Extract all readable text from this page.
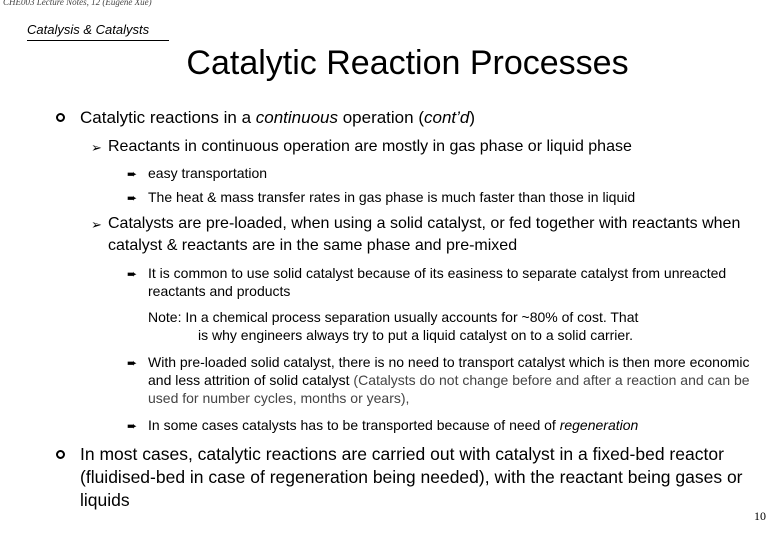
CHE003 Lecture Notes, 12 (Eugene Xue)
Catalysis & Catalysts
Catalytic Reaction Processes
Catalytic reactions in a continuous operation (cont’d)
➢ Reactants in continuous operation are mostly in gas phase or liquid phase
➨ easy transportation
➨ The heat & mass transfer rates in gas phase is much faster than those in liquid
➢ Catalysts are pre-loaded, when using a solid catalyst, or fed together with reactants when catalyst & reactants are in the same phase and pre-mixed
➨ It is common to use solid catalyst because of its easiness to separate catalyst from unreacted reactants and products
Note: In a chemical process separation usually accounts for ~80% of cost. That
is why engineers always try to put a liquid catalyst on to a solid carrier.
➨ With pre-loaded solid catalyst, there is no need to transport catalyst which is then more economic and less attrition of solid catalyst (Catalysts do not change before and after a reaction and can be used for number cycles, months or years),
➨ In some cases catalysts has to be transported because of need of regeneration
In most cases, catalytic reactions are carried out with catalyst in a fixed-bed reactor (fluidised-bed in case of regeneration being needed), with the reactant being gases or liquids
10
